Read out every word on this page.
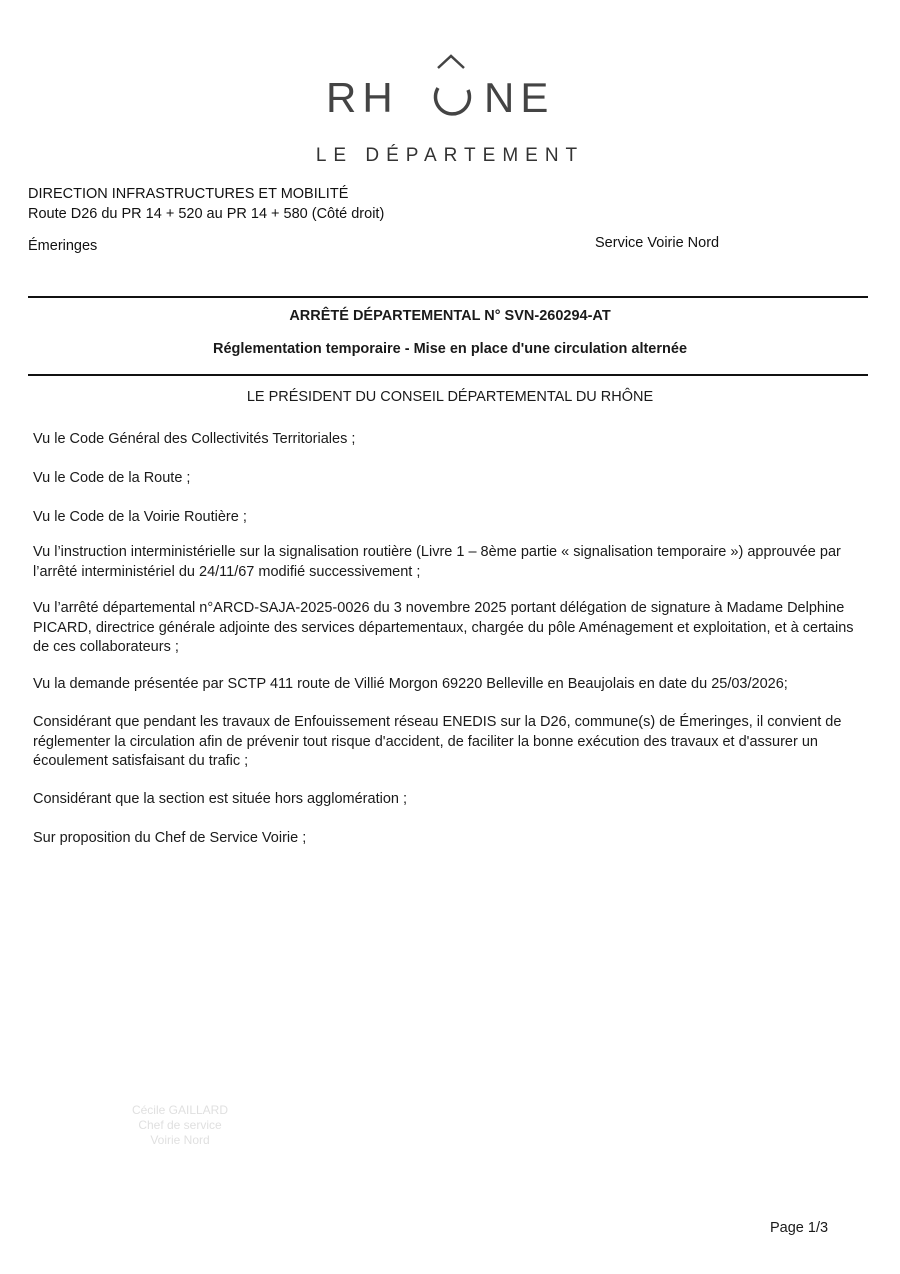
RH NE
LE DÉPARTEMENT
DIRECTION INFRASTRUCTURES ET MOBILITÉ
Route D26 du PR 14 + 520 au PR 14 + 580 (Côté droit)
Émeringes	Service Voirie Nord
ARRÊTÉ DÉPARTEMENTAL N° SVN-260294-AT
Réglementation temporaire - Mise en place d'une circulation alternée
LE PRÉSIDENT DU CONSEIL DÉPARTEMENTAL DU RHÔNE
Vu le Code Général des Collectivités Territoriales ;
Vu le Code de la Route ;
Vu le Code de la Voirie Routière ;
Vu l’instruction interministérielle sur la signalisation routière (Livre 1 – 8ème partie « signalisation temporaire ») approuvée par l’arrêté interministériel du 24/11/67 modifié successivement ;
Vu l’arrêté départemental n°ARCD-SAJA-2025-0026 du 3 novembre 2025 portant délégation de signature à Madame Delphine PICARD, directrice générale adjointe des services départementaux, chargée du pôle Aménagement et exploitation, et à certains de ces collaborateurs ;
Vu la demande présentée par SCTP 411 route de Villié Morgon 69220 Belleville en Beaujolais en date du 25/03/2026;
Considérant que pendant les travaux de Enfouissement réseau ENEDIS sur la D26, commune(s) de Émeringes, il convient de réglementer la circulation afin de prévenir tout risque d'accident, de faciliter la bonne exécution des travaux et d'assurer un écoulement satisfaisant du trafic ;
Considérant que la section est située hors agglomération ;
Sur proposition du Chef de Service Voirie ;
Cécile GAILLARD
Chef de service
Voirie Nord
Page 1/3
